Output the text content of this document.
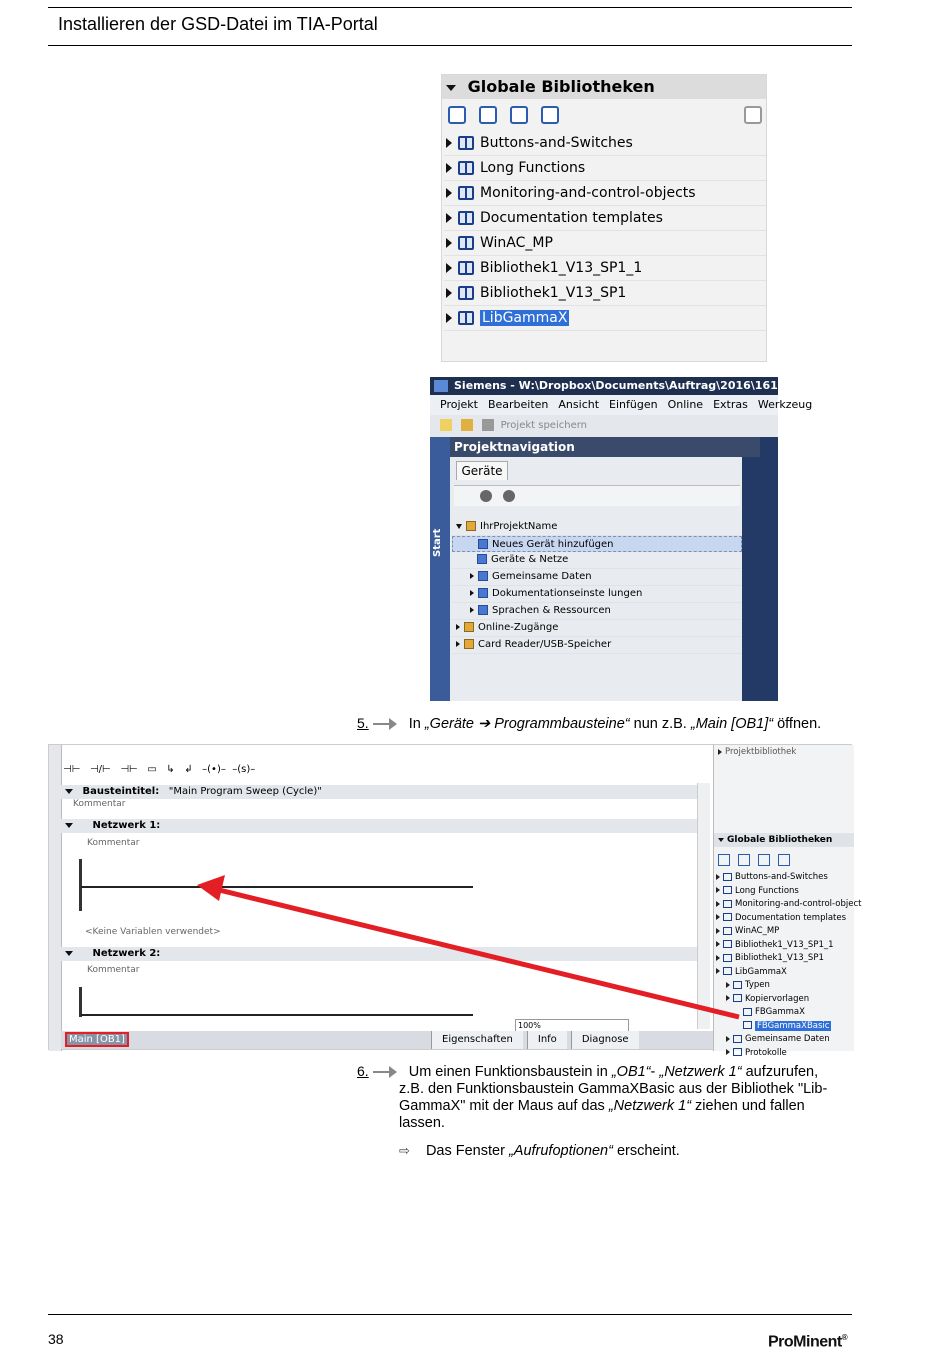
Installieren der GSD-Datei im TIA-Portal
Globale Bibliotheken

Buttons-and-Switches
Long Functions
Monitoring-and-control-objects
Documentation templates
WinAC_MP
Bibliothek1_V13_SP1_1
Bibliothek1_V13_SP1
LibGammaX
Siemens - W:\Dropbox\Documents\Auftrag\2016\1610 - Profibu
Projekt Bearbeiten Ansicht Einfügen Online Extras Werkzeug
Projekt speichern
Start
Projektnavigation
Geräte

IhrProjektName
Neues Gerät hinzufügen
Geräte & Netze
Gemeinsame Daten
Dokumentationseinste lungen
Sprachen & Ressourcen
Online-Zugänge
Card Reader/USB-Speicher
5.	In „Geräte ➔ Programmbausteine“ nun z.B. „Main [OB1]“ öffnen.
⊣⊢ ⊣/⊢ ⊣⊢ ▭ ↳ ↲ –(•)– –(s)–
Bausteintitel: "Main Program Sweep (Cycle)"
Kommentar
Netzwerk 1:
Kommentar
<Keine Variablen verwendet>
Netzwerk 2:
Kommentar
100%
Main [OB1]	Eigenschaften	Info	Diagnose
Projektbibliothek
Globale Bibliotheken

Buttons-and-Switches
Long Functions
Monitoring-and-control-object
Documentation templates
WinAC_MP
Bibliothek1_V13_SP1_1
Bibliothek1_V13_SP1
LibGammaX
Typen
Kopiervorlagen
FBGammaX
FBGammaXBasic
Gemeinsame Daten
Protokolle
6.	Um einen Funktionsbaustein in „OB1“- „Netzwerk 1“ aufzurufen,
z.B. den Funktionsbaustein GammaXBasic aus der Bibliothek "Lib-
GammaX" mit der Maus auf das „Netzwerk 1“ ziehen und fallen
lassen.
⇨ Das Fenster „Aufrufoptionen“ erscheint.
38	ProMinent®
